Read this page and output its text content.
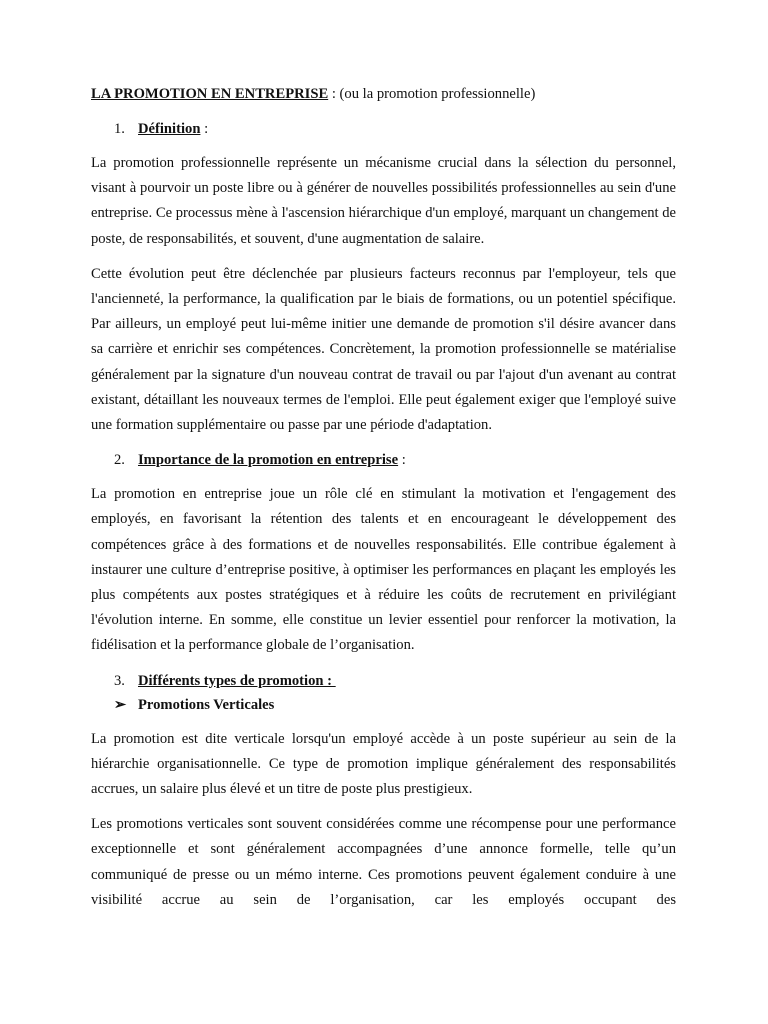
LA PROMOTION EN ENTREPRISE : (ou la promotion professionnelle)

1. Définition :

La promotion professionnelle représente un mécanisme crucial dans la sélection du personnel, visant à pourvoir un poste libre ou à générer de nouvelles possibilités professionnelles au sein d'une entreprise. Ce processus mène à l'ascension hiérarchique d'un employé, marquant un changement de poste, de responsabilités, et souvent, d'une augmentation de salaire.

Cette évolution peut être déclenchée par plusieurs facteurs reconnus par l'employeur, tels que l'ancienneté, la performance, la qualification par le biais de formations, ou un potentiel spécifique. Par ailleurs, un employé peut lui-même initier une demande de promotion s'il désire avancer dans sa carrière et enrichir ses compétences. Concrètement, la promotion professionnelle se matérialise généralement par la signature d'un nouveau contrat de travail ou par l'ajout d'un avenant au contrat existant, détaillant les nouveaux termes de l'emploi. Elle peut également exiger que l'employé suive une formation supplémentaire ou passe par une période d'adaptation.

2. Importance de la promotion en entreprise :

La promotion en entreprise joue un rôle clé en stimulant la motivation et l'engagement des employés, en favorisant la rétention des talents et en encourageant le développement des compétences grâce à des formations et de nouvelles responsabilités. Elle contribue également à instaurer une culture d’entreprise positive, à optimiser les performances en plaçant les employés les plus compétents aux postes stratégiques et à réduire les coûts de recrutement en privilégiant l'évolution interne. En somme, elle constitue un levier essentiel pour renforcer la motivation, la fidélisation et la performance globale de l’organisation.

3. Différents types de promotion :
➢ Promotions Verticales

La promotion est dite verticale lorsqu'un employé accède à un poste supérieur au sein de la hiérarchie organisationnelle. Ce type de promotion implique généralement des responsabilités accrues, un salaire plus élevé et un titre de poste plus prestigieux.

Les promotions verticales sont souvent considérées comme une récompense pour une performance exceptionnelle et sont généralement accompagnées d’une annonce formelle, telle qu’un communiqué de presse ou un mémo interne. Ces promotions peuvent également conduire à une visibilité accrue au sein de l’organisation, car les employés occupant des
